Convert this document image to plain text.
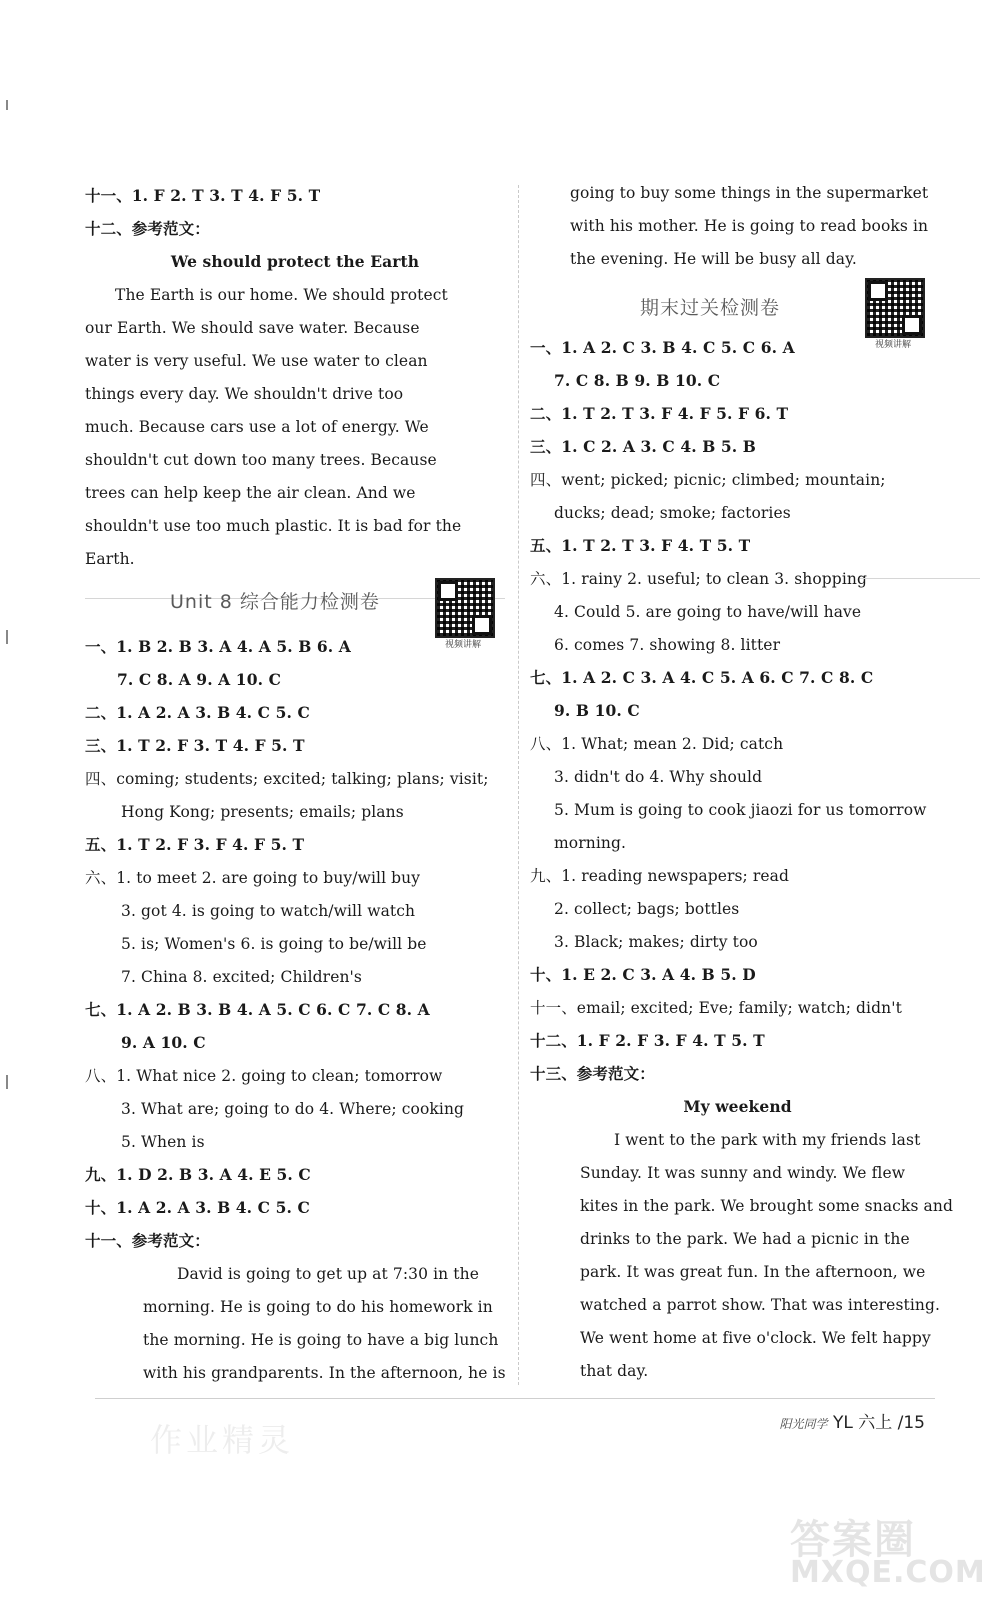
十一、1. F 2. T 3. T 4. F 5. T
十二、参考范文：
We should protect the Earth
The Earth is our home. We should protect
our Earth. We should save water. Because
water is very useful. We use water to clean
things every day. We shouldn't drive too
much. Because cars use a lot of energy. We
shouldn't cut down too many trees. Because
trees can help keep the air clean. And we
shouldn't use too much plastic. It is bad for the
Earth.
Unit 8 综合能力检测卷
视频讲解
一、1. B 2. B 3. A 4. A 5. B 6. A
7. C 8. A 9. A 10. C
二、1. A 2. A 3. B 4. C 5. C
三、1. T 2. F 3. T 4. F 5. T
四、coming; students; excited; talking; plans; visit;
Hong Kong; presents; emails; plans
五、1. T 2. F 3. F 4. F 5. T
六、1. to meet 2. are going to buy/will buy
3. got 4. is going to watch/will watch
5. is; Women's 6. is going to be/will be
7. China 8. excited; Children's
七、1. A 2. B 3. B 4. A 5. C 6. C 7. C 8. A
9. A 10. C
八、1. What nice 2. going to clean; tomorrow
3. What are; going to do 4. Where; cooking
5. When is
九、1. D 2. B 3. A 4. E 5. C
十、1. A 2. A 3. B 4. C 5. C
十一、参考范文：
David is going to get up at 7:30 in the
morning. He is going to do his homework in
the morning. He is going to have a big lunch
with his grandparents. In the afternoon, he is
going to buy some things in the supermarket
with his mother. He is going to read books in
the evening. He will be busy all day.
期末过关检测卷
视频讲解
一、1. A 2. C 3. B 4. C 5. C 6. A
7. C 8. B 9. B 10. C
二、1. T 2. T 3. F 4. F 5. F 6. T
三、1. C 2. A 3. C 4. B 5. B
四、went; picked; picnic; climbed; mountain;
ducks; dead; smoke; factories
五、1. T 2. T 3. F 4. T 5. T
六、1. rainy 2. useful; to clean 3. shopping
4. Could 5. are going to have/will have
6. comes 7. showing 8. litter
七、1. A 2. C 3. A 4. C 5. A 6. C 7. C 8. C
9. B 10. C
八、1. What; mean 2. Did; catch
3. didn't do 4. Why should
5. Mum is going to cook jiaozi for us tomorrow
morning.
九、1. reading newspapers; read
2. collect; bags; bottles
3. Black; makes; dirty too
十、1. E 2. C 3. A 4. B 5. D
十一、email; excited; Eve; family; watch; didn't
十二、1. F 2. F 3. F 4. T 5. T
十三、参考范文：
My weekend
I went to the park with my friends last
Sunday. It was sunny and windy. We flew
kites in the park. We brought some snacks and
drinks to the park. We had a picnic in the
park. It was great fun. In the afternoon, we
watched a parrot show. That was interesting.
We went home at five o'clock. We felt happy
that day.
阳光同学 YL 六上 /15
作业精灵
答案圈
MXQE.COM
